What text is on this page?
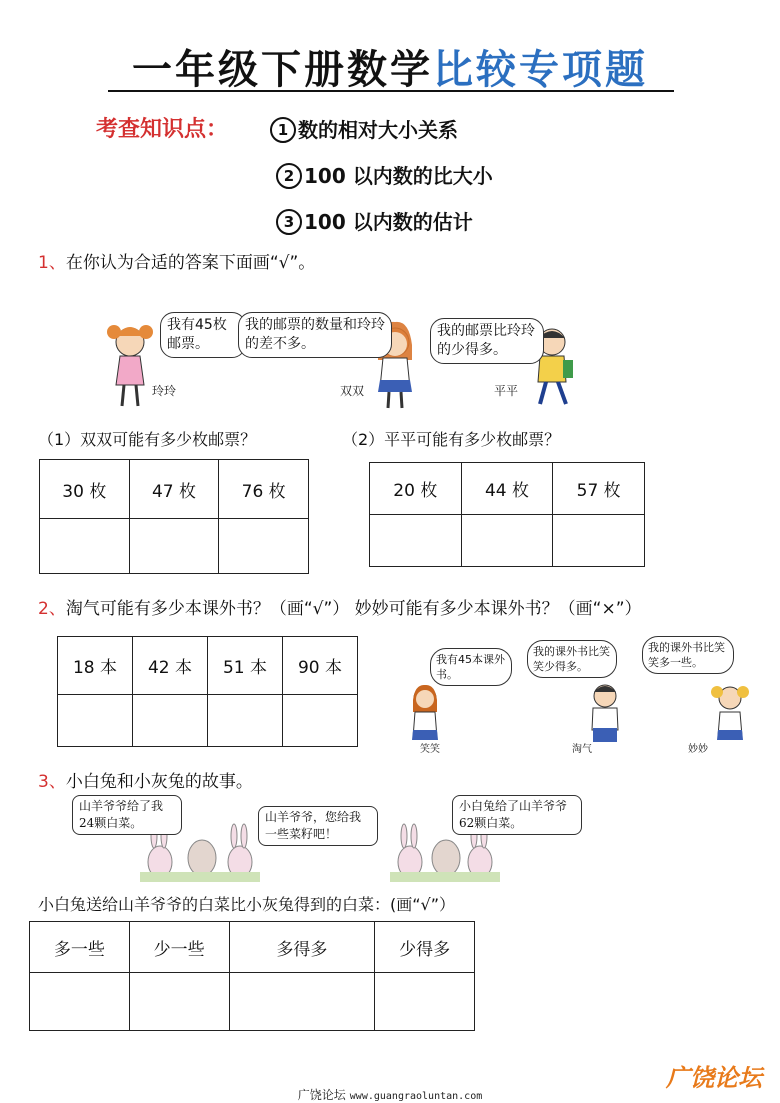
一年级下册数学比较专项题
考查知识点：	1 数的相对大小关系
2 100 以内数的比大小
3 100 以内数的估计
1、在你认为合适的答案下面画“√”。
我有45枚邮票。
我的邮票的数量和玲玲的差不多。
我的邮票比玲玲的少得多。
玲玲	双双	平平
（1）双双可能有多少枚邮票？	（2）平平可能有多少枚邮票？
30 枚	47 枚	76 枚
			20 枚	44 枚	57 枚

2、淘气可能有多少本课外书？（画“√”） 妙妙可能有多少本课外书？（画“×”）
18 本	42 本	51 本	90 本
				我有45本课外书。
我的课外书比笑笑少得多。
我的课外书比笑笑多一些。
笑笑	淘气	妙妙
3、小白兔和小灰兔的故事。
山羊爷爷给了我24颗白菜。	山羊爷爷，您给我一些菜籽吧！
小白兔给了山羊爷爷62颗白菜。
小白兔送给山羊爷爷的白菜比小灰兔得到的白菜：(画“√”）
多一些	少一些	多得多	少得多

广饶论坛 www.guangraoluntan.com
广饶论坛
